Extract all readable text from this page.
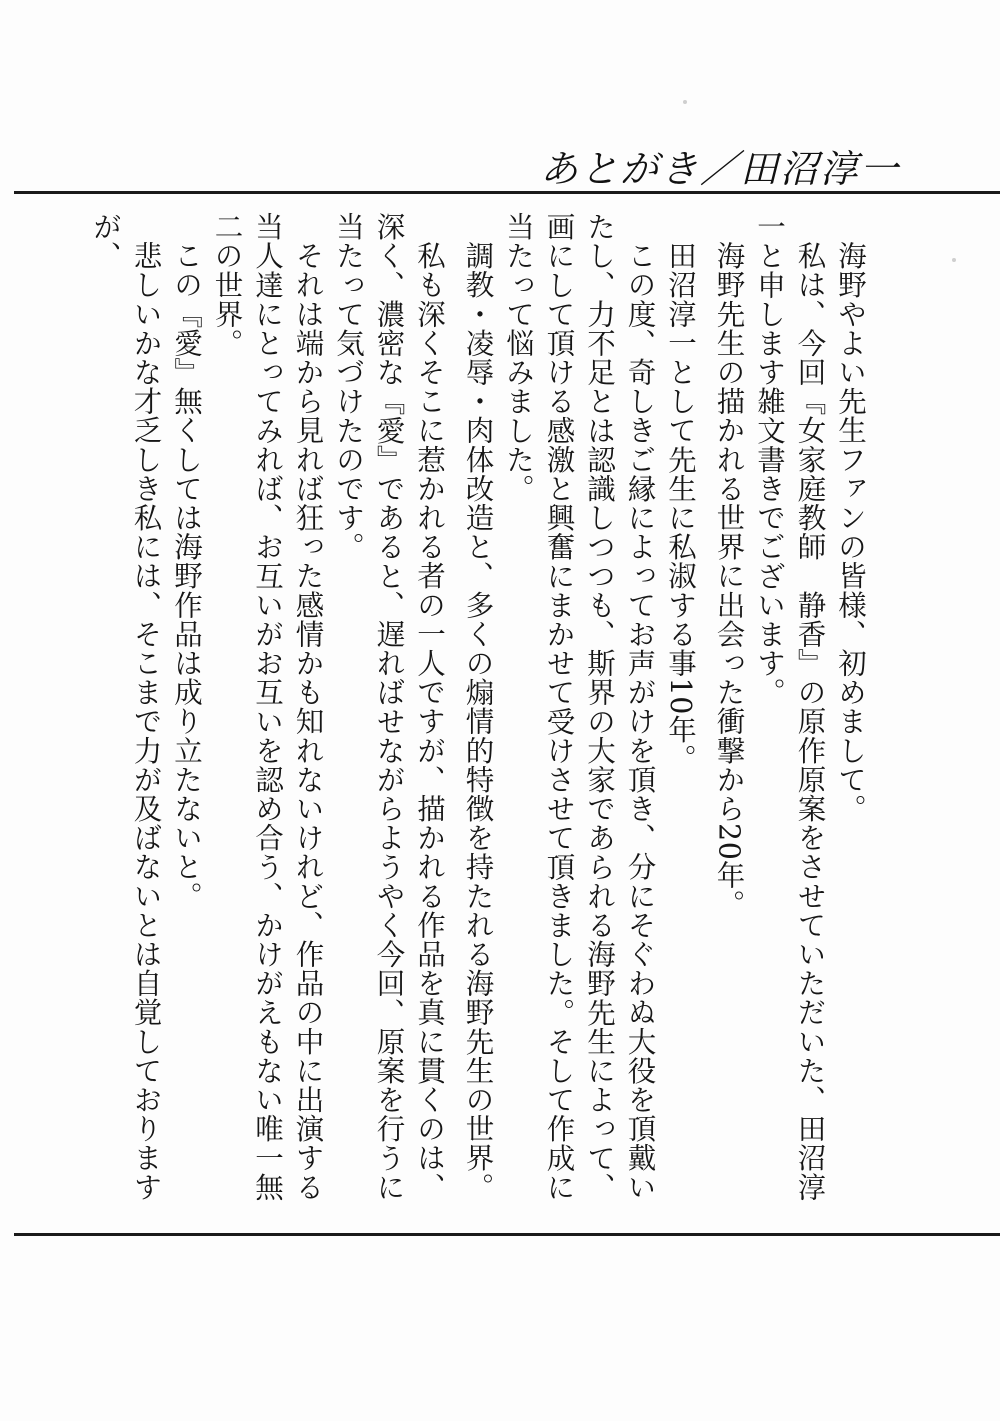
あとがき／田沼淳一

海野やよい先生ファンの皆様、初めまして。

私は、今回『女家庭教師　静香』の原作原案をさせていただいた、田沼淳一と申します雑文書きでございます。

海野先生の描かれる世界に出会った衝撃から20年。

田沼淳一として先生に私淑する事10年。

この度、奇しきご縁によってお声がけを頂き、分にそぐわぬ大役を頂戴いたし、力不足とは認識しつつも、斯界の大家であられる海野先生によって、画にして頂ける感激と興奮にまかせて受けさせて頂きました。そして作成に当たって悩みました。

調教・凌辱・肉体改造と、多くの煽情的特徴を持たれる海野先生の世界。

私も深くそこに惹かれる者の一人ですが、描かれる作品を真に貫くのは、深く、濃密な『愛』であると、遅ればせながらようやく今回、原案を行うに当たって気づけたのです。

それは端から見れば狂った感情かも知れないけれど、作品の中に出演する当人達にとってみれば、お互いがお互いを認め合う、かけがえもない唯一無二の世界。

この『愛』無くしては海野作品は成り立たないと。

悲しいかな才乏しき私には、そこまで力が及ばないとは自覚しておりますが、
